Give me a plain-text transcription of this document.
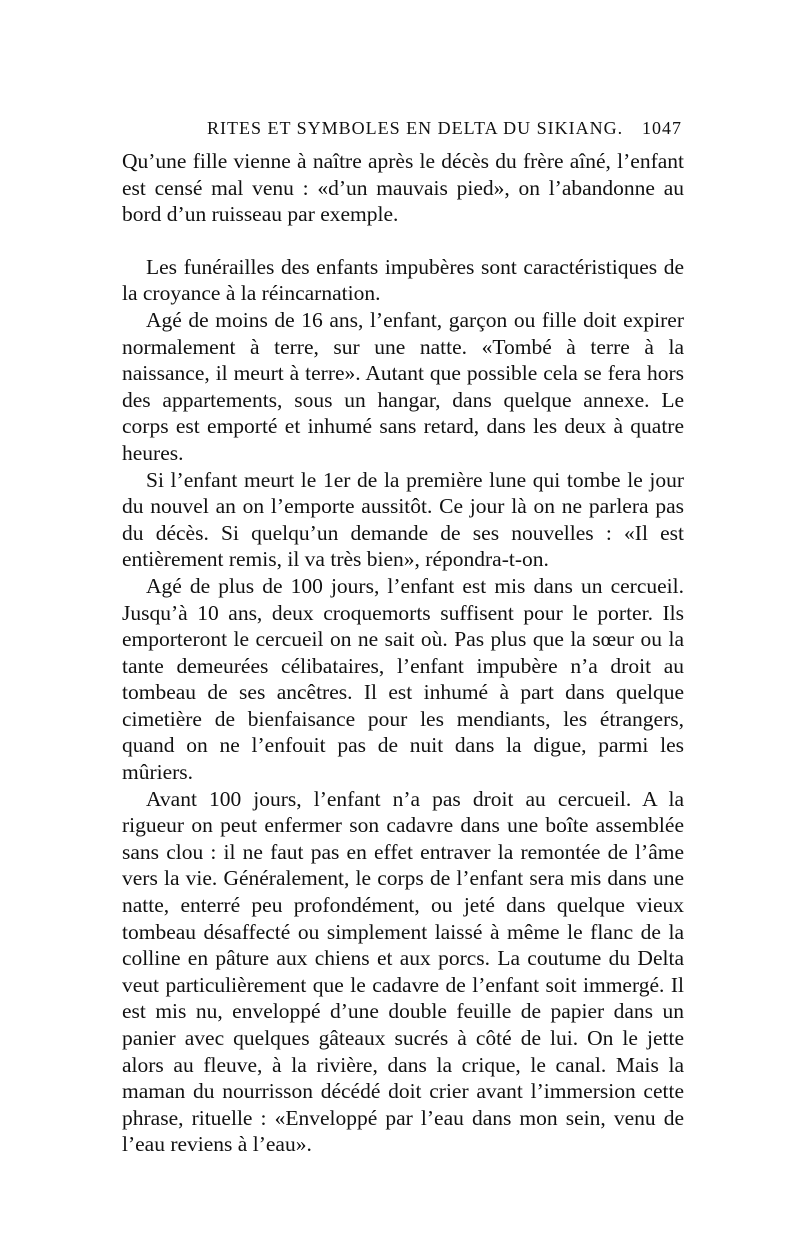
RITES ET SYMBOLES EN DELTA DU SIKIANG. 1047

Qu’une fille vienne à naître après le décès du frère aîné, l’enfant est censé mal venu : «d’un mauvais pied», on l’abandonne au bord d’un ruisseau par exemple.

Les funérailles des enfants impubères sont caractéristiques de la croyance à la réincarnation.

Agé de moins de 16 ans, l’enfant, garçon ou fille doit expirer normalement à terre, sur une natte. «Tombé à terre à la naissance, il meurt à terre». Autant que possible cela se fera hors des appartements, sous un hangar, dans quelque annexe. Le corps est emporté et inhumé sans retard, dans les deux à quatre heures.

Si l’enfant meurt le 1er de la première lune qui tombe le jour du nouvel an on l’emporte aussitôt. Ce jour là on ne parlera pas du décès. Si quelqu’un demande de ses nouvelles : «Il est entièrement remis, il va très bien», répondra-t-on.

Agé de plus de 100 jours, l’enfant est mis dans un cercueil. Jusqu’à 10 ans, deux croquemorts suffisent pour le porter. Ils emporteront le cercueil on ne sait où. Pas plus que la sœur ou la tante demeurées célibataires, l’enfant impubère n’a droit au tombeau de ses ancêtres. Il est inhumé à part dans quelque cimetière de bienfaisance pour les mendiants, les étrangers, quand on ne l’enfouit pas de nuit dans la digue, parmi les mûriers.

Avant 100 jours, l’enfant n’a pas droit au cercueil. A la rigueur on peut enfermer son cadavre dans une boîte assemblée sans clou : il ne faut pas en effet entraver la remontée de l’âme vers la vie. Généralement, le corps de l’enfant sera mis dans une natte, enterré peu profondément, ou jeté dans quelque vieux tombeau désaffecté ou simplement laissé à même le flanc de la colline en pâture aux chiens et aux porcs. La coutume du Delta veut particulièrement que le cadavre de l’enfant soit immergé. Il est mis nu, enveloppé d’une double feuille de papier dans un panier avec quelques gâteaux sucrés à côté de lui. On le jette alors au fleuve, à la rivière, dans la crique, le canal. Mais la maman du nourrisson décédé doit crier avant l’immersion cette phrase, rituelle : «Enveloppé par l’eau dans mon sein, venu de l’eau reviens à l’eau».
